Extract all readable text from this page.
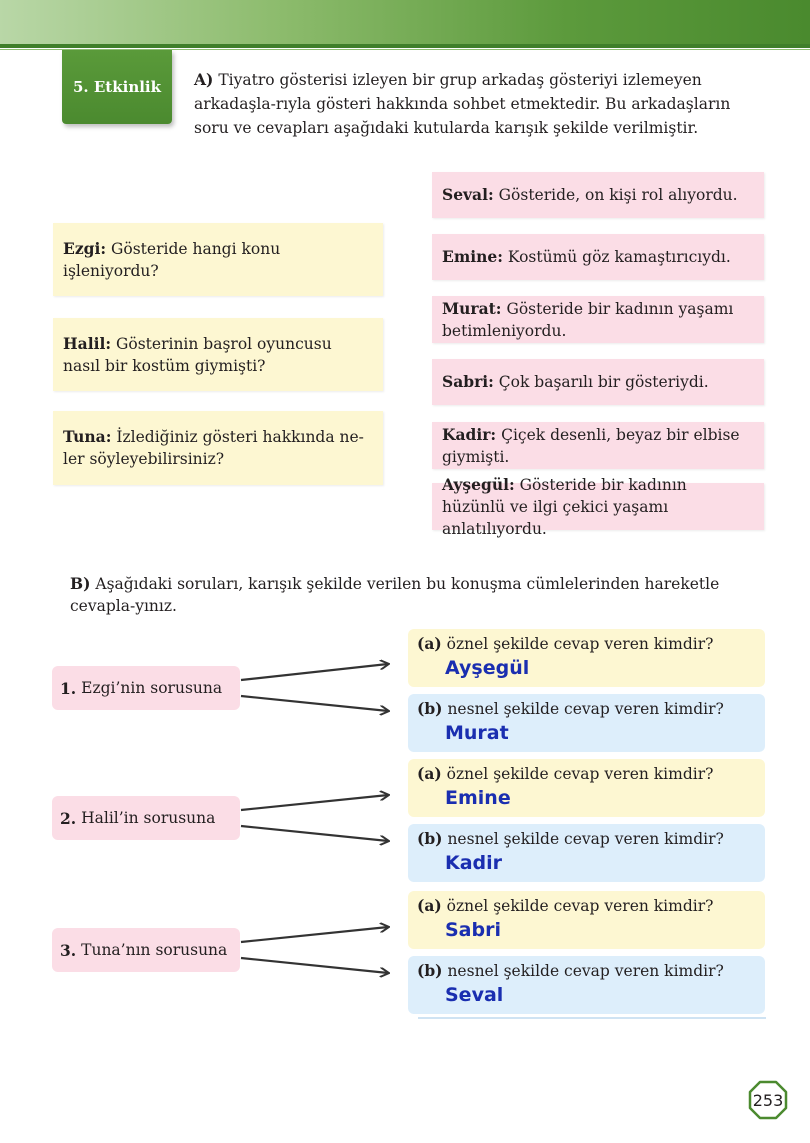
5. Etkinlik A) Tiyatro gösterisi izleyen bir grup arkadaş gösteriyi izlemeyen arkadaşla-rıyla gösteri hakkında sohbet etmektedir. Bu arkadaşların soru ve cevapları aşağıdaki kutularda karışık şekilde verilmiştir.
Ezgi: Gösteride hangi konu işleniyordu?
Halil: Gösterinin başrol oyuncusu nasıl bir kostüm giymişti?
Tuna: İzlediğiniz gösteri hakkında ne-ler söyleyebilirsiniz?
Seval: Gösteride, on kişi rol alıyordu.
Emine: Kostümü göz kamaştırıcıydı.
Murat: Gösteride bir kadının yaşamı betimleniyordu.
Sabri: Çok başarılı bir gösteriydi.
Kadir: Çiçek desenli, beyaz bir elbise giymişti.
Ayşegül: Gösteride bir kadının hüzünlü ve ilgi çekici yaşamı anlatılıyordu.
B) Aşağıdaki soruları, karışık şekilde verilen bu konuşma cümlelerinden hareketle cevapla-yınız.
1.
Ezgi’nin sorusuna
2.
Halil’in sorusuna
3.
Tuna’nın sorusuna
(a) öznel şekilde cevap veren kimdir?
Ayşegül
(b) nesnel şekilde cevap veren kimdir?
Murat
(a) öznel şekilde cevap veren kimdir?
Emine
(b) nesnel şekilde cevap veren kimdir?
Kadir
(a) öznel şekilde cevap veren kimdir?
Sabri
(b) nesnel şekilde cevap veren kimdir?
Seval
253
